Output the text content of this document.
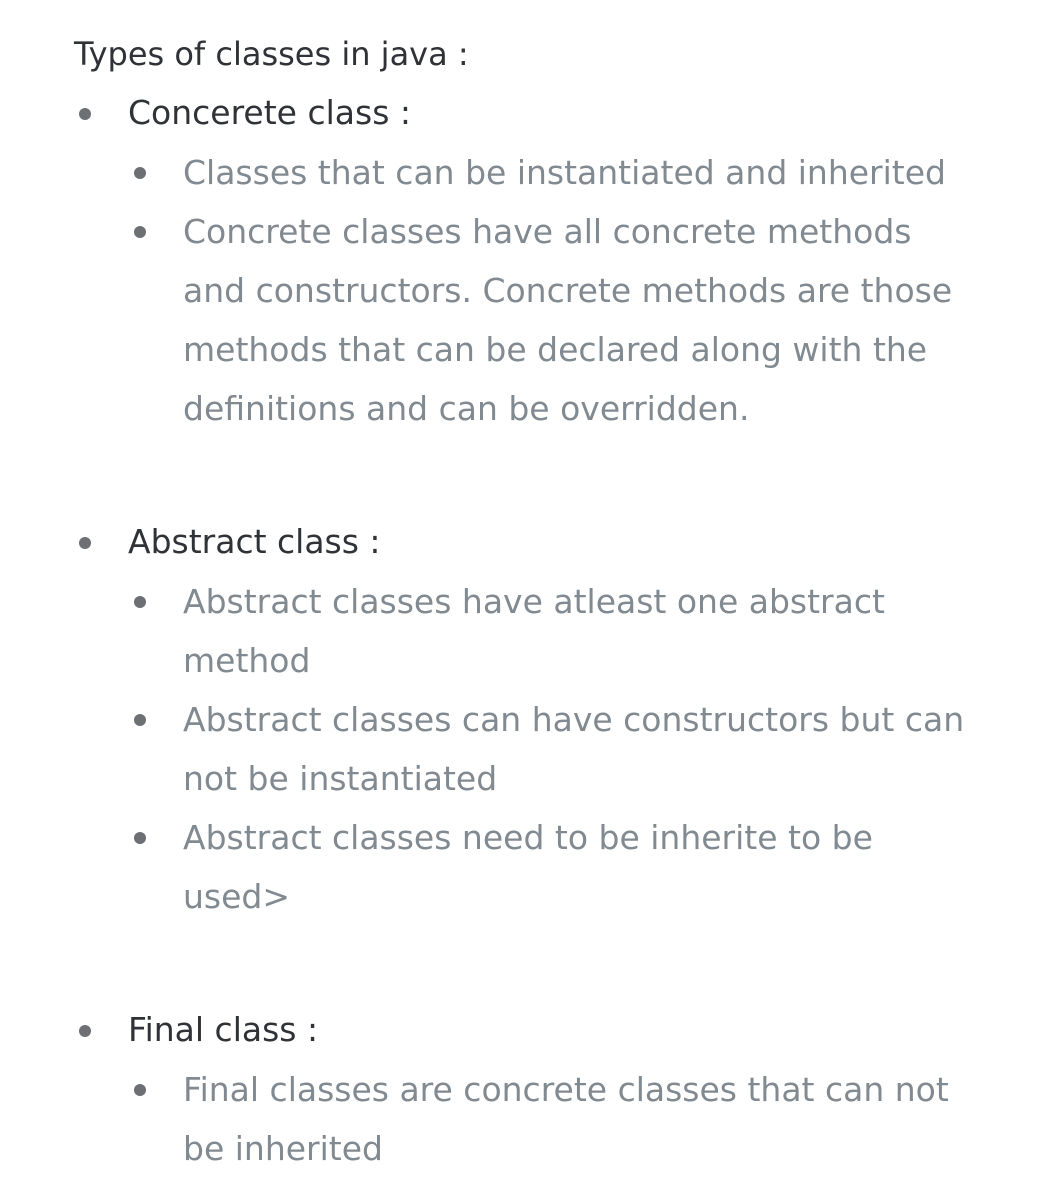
Types of classes in java :
Concerete class :
Classes that can be instantiated and inherited
Concrete classes have all concrete methods
and constructors. Concrete methods are those
methods that can be declared along with the
definitions and can be overridden.
Abstract class :
Abstract classes have atleast one abstract
method
Abstract classes can have constructors but can
not be instantiated
Abstract classes need to be inherite to be
used>
Final class :
Final classes are concrete classes that can not
be inherited
